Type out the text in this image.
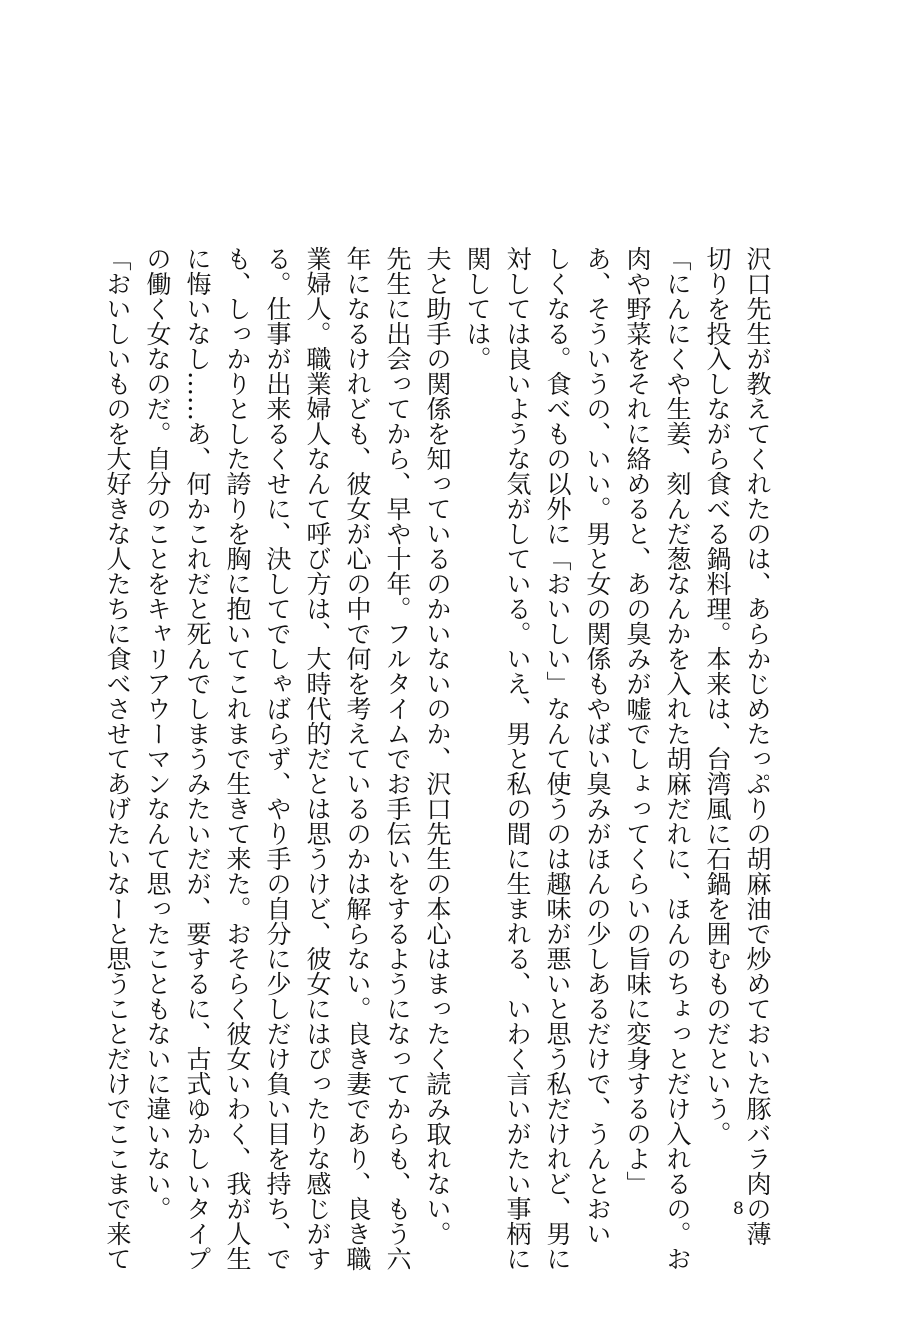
沢口先生が教えてくれたのは、あらかじめたっぷりの胡麻油で炒めておいた豚バラ肉の薄

切りを投入しながら食べる鍋料理。本来は、台湾風に石鍋を囲むものだという。

「にんにくや生姜、刻んだ葱なんかを入れた胡麻だれに、ほんのちょっとだけ入れるの。お

肉や野菜をそれに絡めると、あの臭みが嘘でしょってくらいの旨味に変身するのよ」

あ、そういうの、いい。男と女の関係もやばい臭みがほんの少しあるだけで、うんとおい

しくなる。食べもの以外に「おいしい」なんて使うのは趣味が悪いと思う私だけれど、男に

対しては良いような気がしている。いえ、男と私の間に生まれる、いわく言いがたい事柄に

関しては。

夫と助手の関係を知っているのかいないのか、沢口先生の本心はまったく読み取れない。

先生に出会ってから、早や十年。フルタイムでお手伝いをするようになってからも、もう六

年になるけれども、彼女が心の中で何を考えているのかは解らない。良き妻であり、良き職

業婦人。職業婦人なんて呼び方は、大時代的だとは思うけど、彼女にはぴったりな感じがす

る。仕事が出来るくせに、決してでしゃばらず、やり手の自分に少しだけ負い目を持ち、で

も、しっかりとした誇りを胸に抱いてこれまで生きて来た。おそらく彼女いわく、我が人生

に悔いなし……あ、何かこれだと死んでしまうみたいだが、要するに、古式ゆかしいタイプ

の働く女なのだ。自分のことをキャリアウーマンなんて思ったこともないに違いない。

「おいしいものを大好きな人たちに食べさせてあげたいなーと思うことだけでここまで来て	8
